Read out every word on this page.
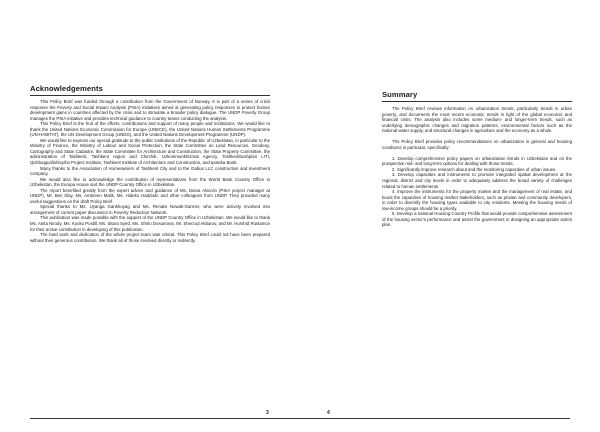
Acknowledgements

This Policy Brief was funded through a contribution from the Government of Norway. It is part of a series of crisis response the Poverty and Social Impact Analysis (PSIA) initiatives aimed at generating policy responses to protect human development gains in countries affected by the crisis and to stimulate a broader policy dialogue. The UNDP Poverty Group manages the PSIA initiative and provides technical guidance to country teams conducting the analysis.

This Policy Brief is the fruit of the efforts, contributions and support of many people and institutions. We would like to thank the United Nations Economic Commission for Europe (UNECE), the United Nations Human Settlements Programme (UN-HABITAT), the UN Development Group (UNDG), and the United Nations Development Programme (UNDP).

We would like to express our special gratitude to the public institutions of the Republic of Uzbekistan, in particular to the Ministry of Finance, the Ministry of Labour and Social Protection, the State Committee on Land Resources, Geodesy, Cartography and State Cadastre, the State Committee for Architecture and Construction, the State Property Committee, the administration of Tashkent, Tashkent region and Chirchik, Uzkommunkhizmat Agency, Toshkentboshplan LITI, Qishloqqurilishloyiha Project Institute, Tashkent Institute of Architecture and Construction, and Ipoteka Bank.

Many thanks to the Association of Homeowners of Tashkent City and to the Gabus LLC construction and investment company.

We would also like to acknowledge the contribution of representatives from the World Bank Country Office in Uzbekistan, the Europa House and the UNDP Country Office in Uzbekistan.

The report benefited greatly from the expert advice and guidance of Ms. Diana Alarcón (PSIA project manager at UNDP), Mr. Ben Slay, Ms. Ambreen Malik, Ms. Hideko Hadzialic and other colleagues from UNDP. They provided many useful suggestions on the draft Policy Brief.

Special thanks to Ms. Uyanga Gankhuyag and Ms. Renata Nowak-Garmer, who were actively involved into arrangement of current paper discussion in Poverty Reduction Network.

This publication was made possible with the support of the UNDP Country Office in Uzbekistan. We would like to thank Ms. Anita Nirody, Ms. Kyoko Postill, Ms. Sitara Syed, Ms. Shirin Dosumova, Mr. Sherzod Akbarov, and Mr. Hurshid Rustamov for their active contribution in developing of this publication.

The hard work and dedication of the whole project team was critical. This Policy Brief could not have been prepared without their generous contribution. We thank all of those involved directly or indirectly.

3
Summary

The Policy Brief reviews information on urbanization trends, particularly trends in urban poverty, and documents the most recent economic trends in light of the global economic and financial crisis. The analysis also includes some medium- and longer-term trends, such as underlying demographic changes and migration patterns, environmental factors such as the national water supply, and structural changes in agriculture and the economy as a whole.

The Policy Brief provides policy recommendations on urbanization in general and housing conditions in particular, specifically:

1. Develop comprehensive policy papers on urbanization trends in Uzbekistan and on the prospective mid- and long-term options for dealing with those trends.

2. Significantly improve research about and the monitoring capacities of urban issues.

3. Develop capacities and instruments to promote integrated spatial development at the regional, district and city levels in order to adequately address the broad variety of challenges related to human settlements.

4. Improve the instruments for the property market and the management of real estate, and boost the capacities of housing market stakeholders, such as private and community developers, in order to diversify the housing types available to city residents. Meeting the housing needs of low-income groups should be a priority.

5. Develop a national Housing Country Profile that would provide comprehensive assessment of the housing sector's performance and assist the government in designing an appropriate action plan.

4
